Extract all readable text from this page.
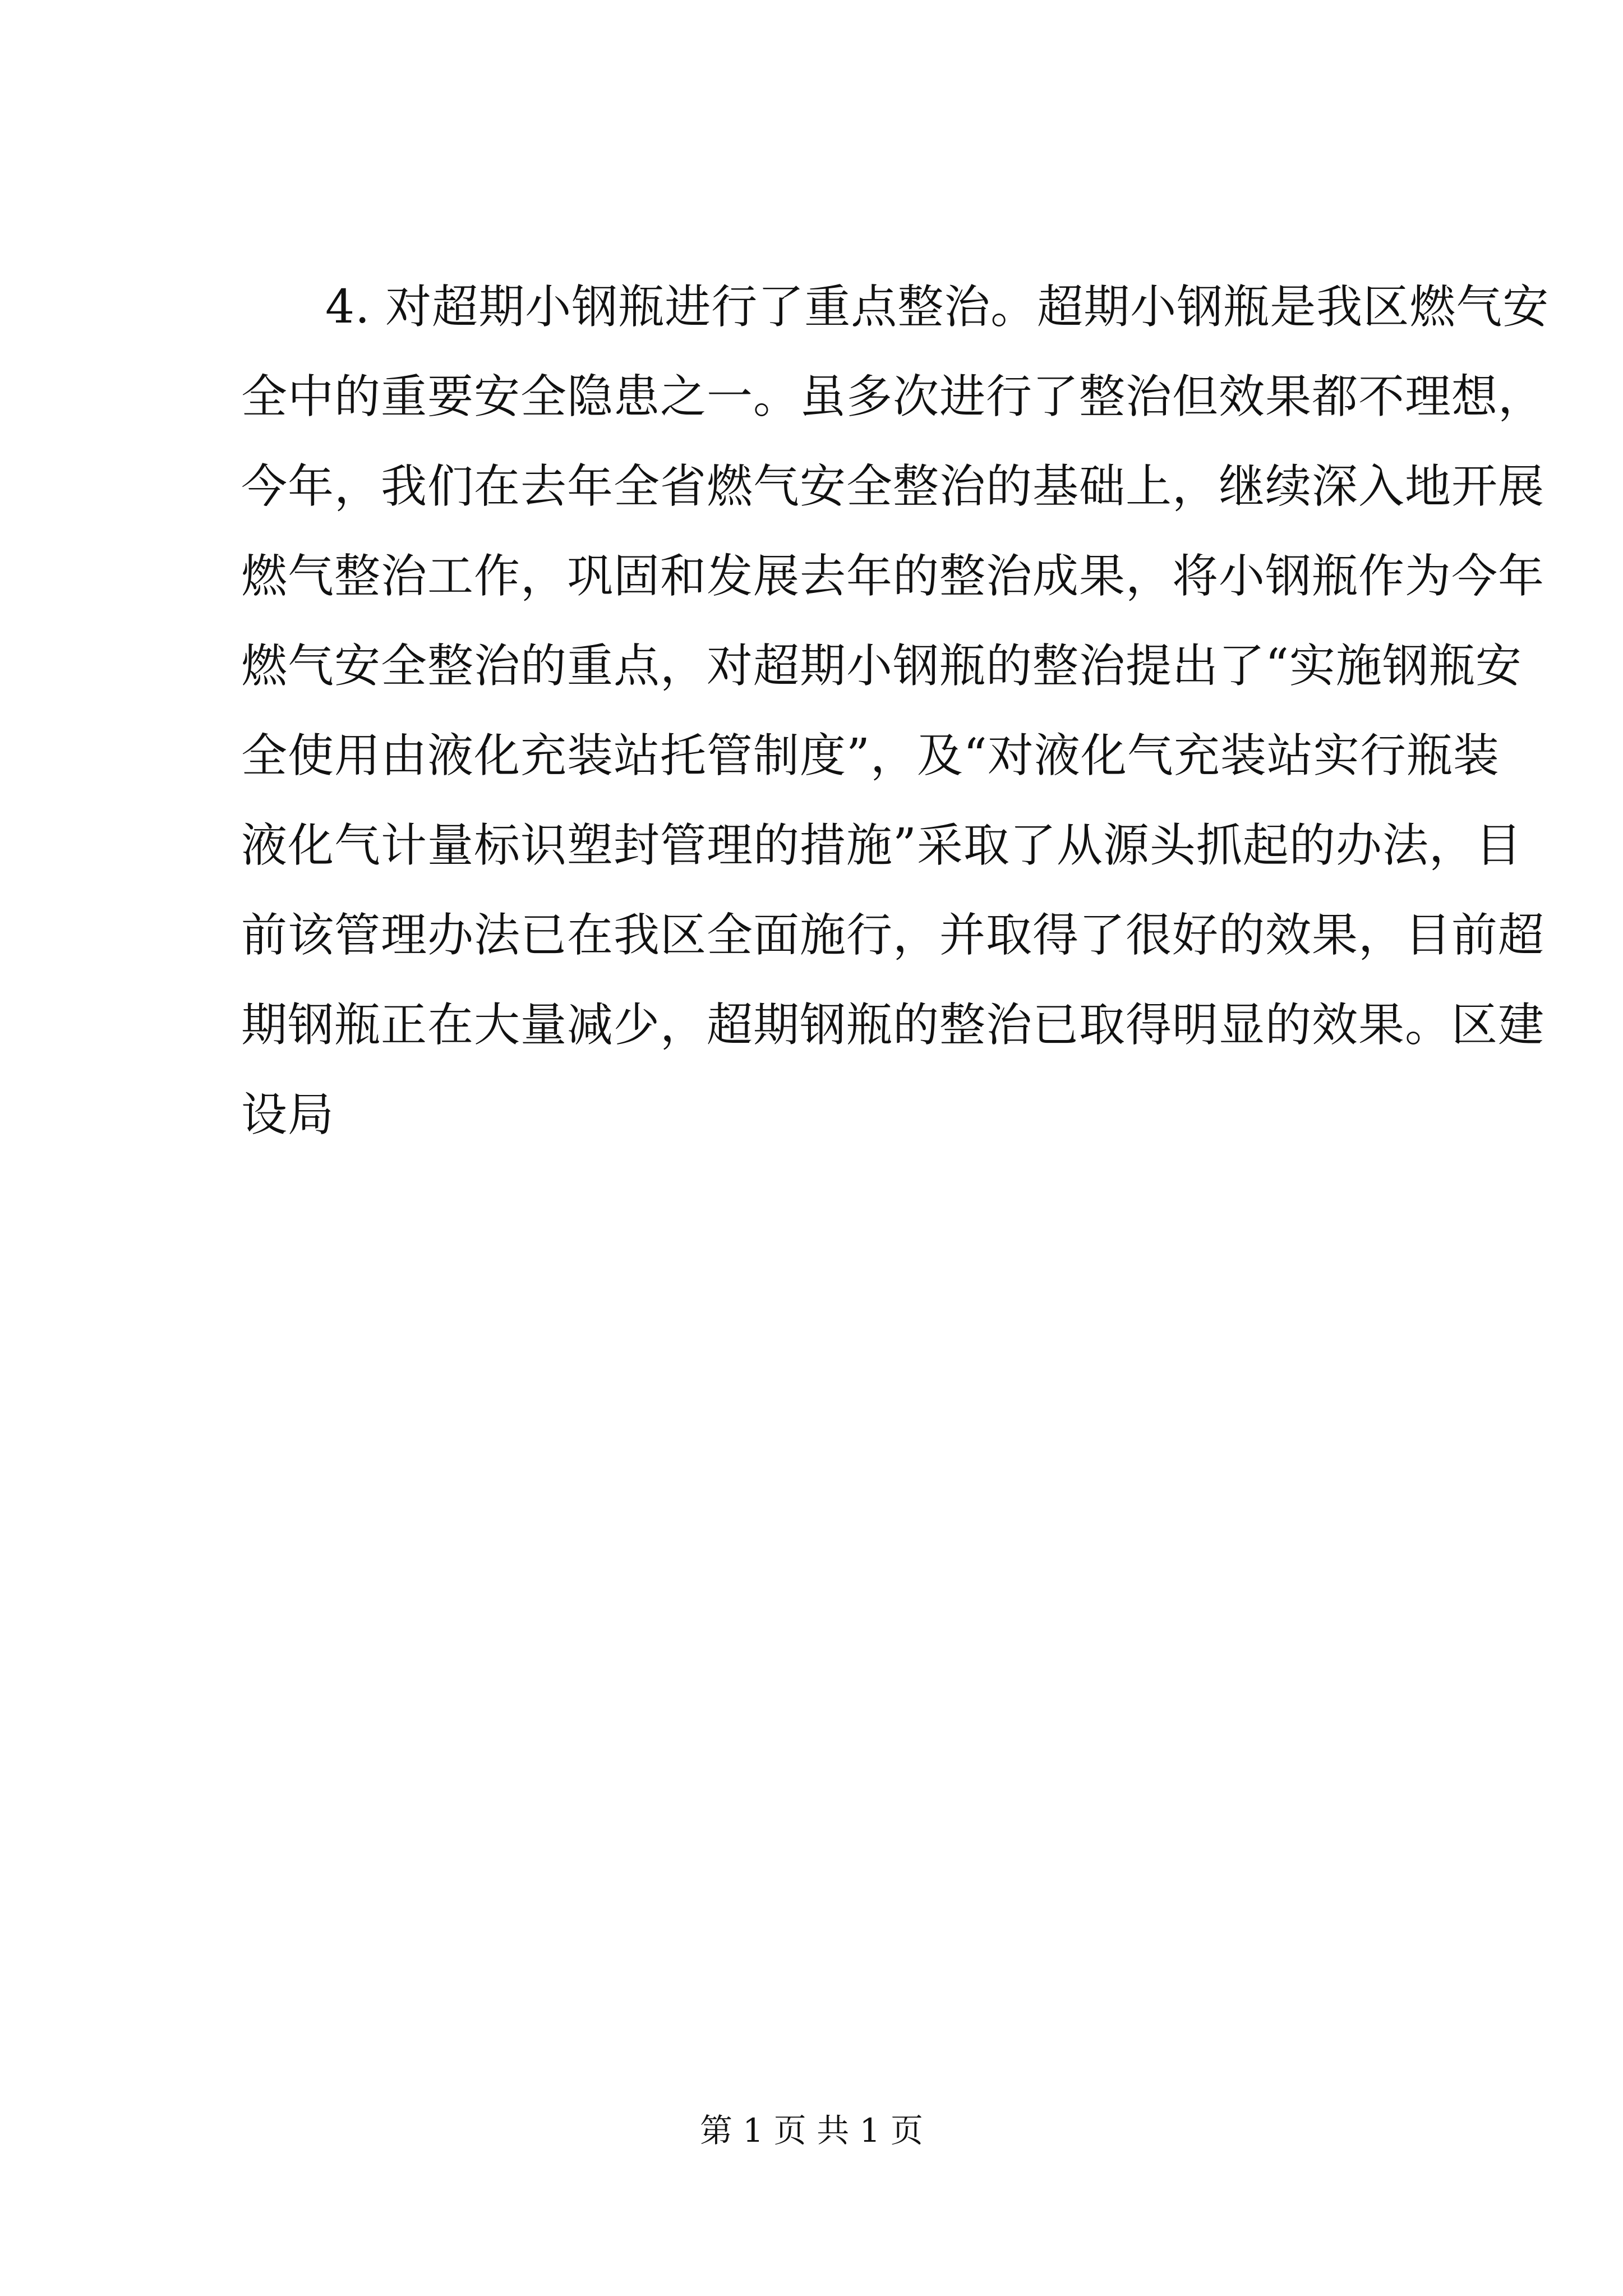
4. 对超期小钢瓶进行了重点整治。超期小钢瓶是我区燃气安
全中的重要安全隐患之一。虽多次进行了整治但效果都不理想，
今年，我们在去年全省燃气安全整治的基础上，继续深入地开展
燃气整治工作，巩固和发展去年的整治成果，将小钢瓶作为今年
燃气安全整治的重点，对超期小钢瓶的整治提出了“实施钢瓶安
全使用由液化充装站托管制度”，及“对液化气充装站实行瓶装
液化气计量标识塑封管理的措施”采取了从源头抓起的办法，目
前该管理办法已在我区全面施行，并取得了很好的效果，目前超
期钢瓶正在大量减少，超期钢瓶的整治已取得明显的效果。区建
设局
第 1 页 共 1 页
